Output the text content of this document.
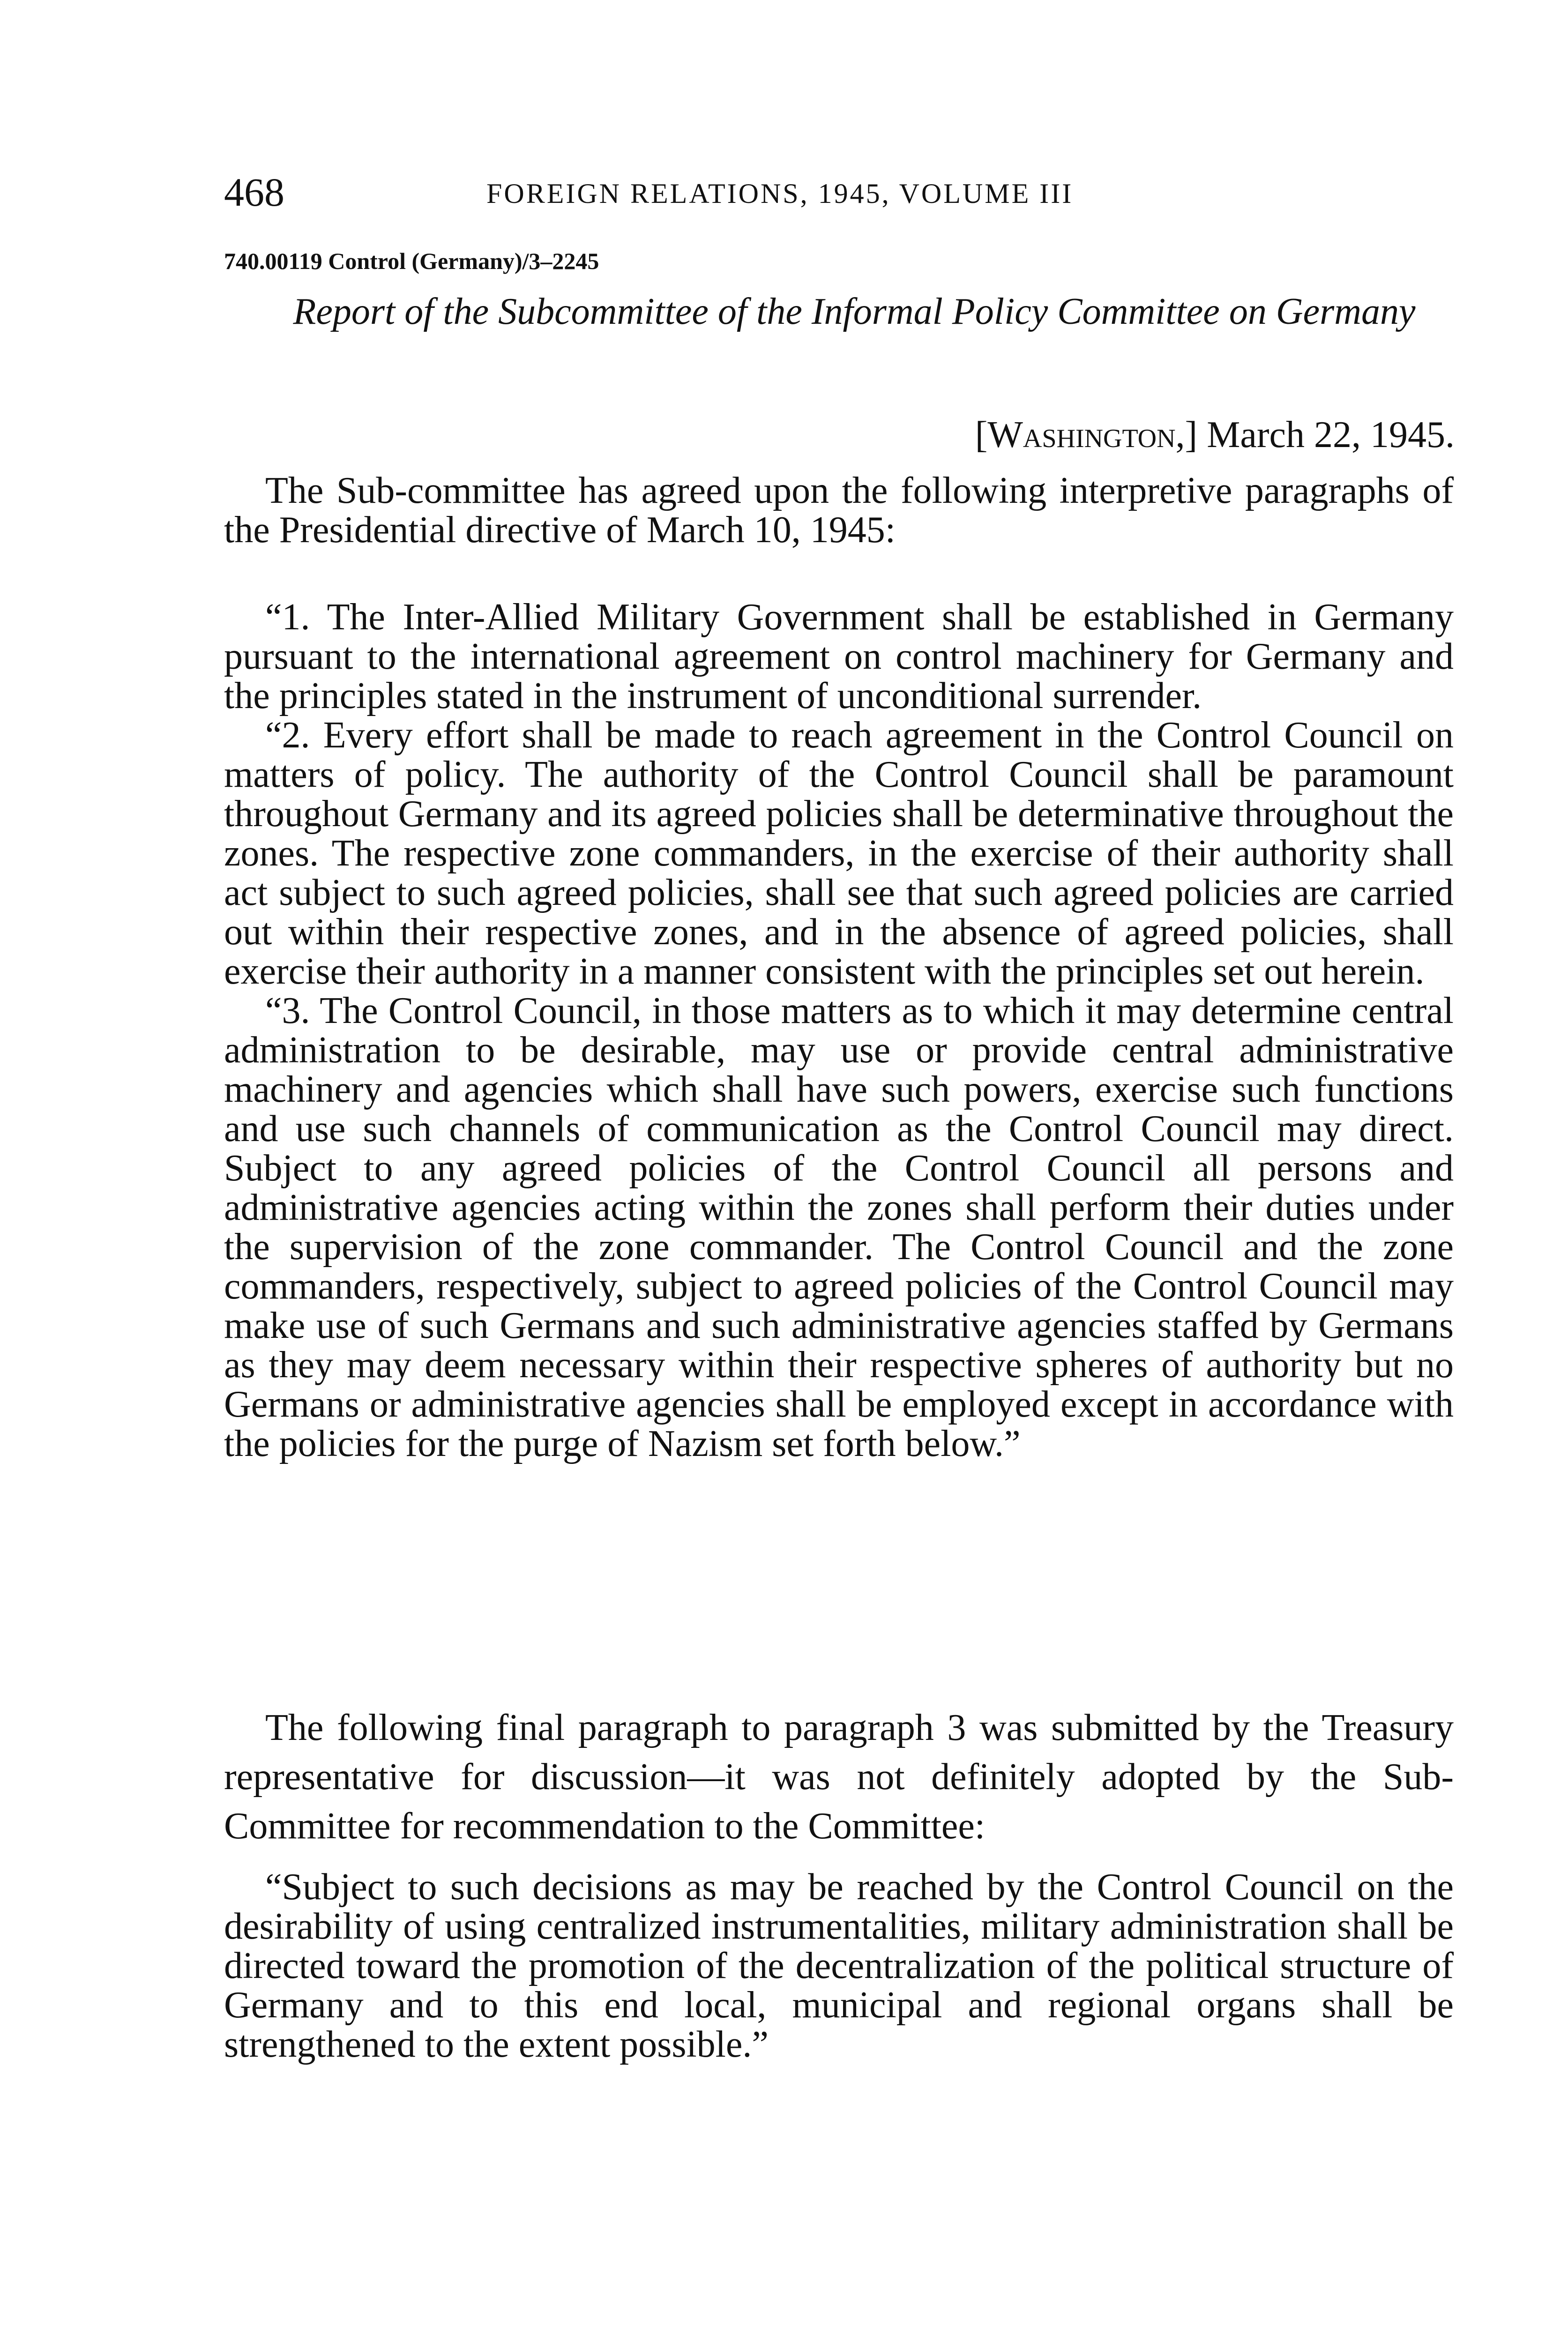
468	FOREIGN RELATIONS, 1945, VOLUME III
740.00119 Control (Germany)/3–2245
Report of the Subcommittee of the Informal Policy Committee on Germany
[Washington,] March 22, 1945.

The Sub-committee has agreed upon the following interpretive paragraphs of the Presidential directive of March 10, 1945:

“1. The Inter-Allied Military Government shall be established in Germany pursuant to the international agreement on control machinery for Germany and the principles stated in the instrument of unconditional surrender.

“2. Every effort shall be made to reach agreement in the Control Council on matters of policy. The authority of the Control Council shall be paramount throughout Germany and its agreed policies shall be determinative throughout the zones. The respective zone commanders, in the exercise of their authority shall act subject to such agreed policies, shall see that such agreed policies are carried out within their respective zones, and in the absence of agreed policies, shall exercise their authority in a manner consistent with the principles set out herein.

“3. The Control Council, in those matters as to which it may determine central administration to be desirable, may use or provide central administrative machinery and agencies which shall have such powers, exercise such functions and use such channels of communication as the Control Council may direct. Subject to any agreed policies of the Control Council all persons and administrative agencies acting within the zones shall perform their duties under the supervision of the zone commander. The Control Council and the zone commanders, respectively, subject to agreed policies of the Control Council may make use of such Germans and such administrative agencies staffed by Germans as they may deem necessary within their respective spheres of authority but no Germans or administrative agencies shall be employed except in accordance with the policies for the purge of Nazism set forth below.”

The following final paragraph to paragraph 3 was submitted by the Treasury representative for discussion—it was not definitely adopted by the Sub-Committee for recommendation to the Committee:

“Subject to such decisions as may be reached by the Control Council on the desirability of using centralized instrumentalities, military administration shall be directed toward the promotion of the decentralization of the political structure of Germany and to this end local, municipal and regional organs shall be strengthened to the extent possible.”
